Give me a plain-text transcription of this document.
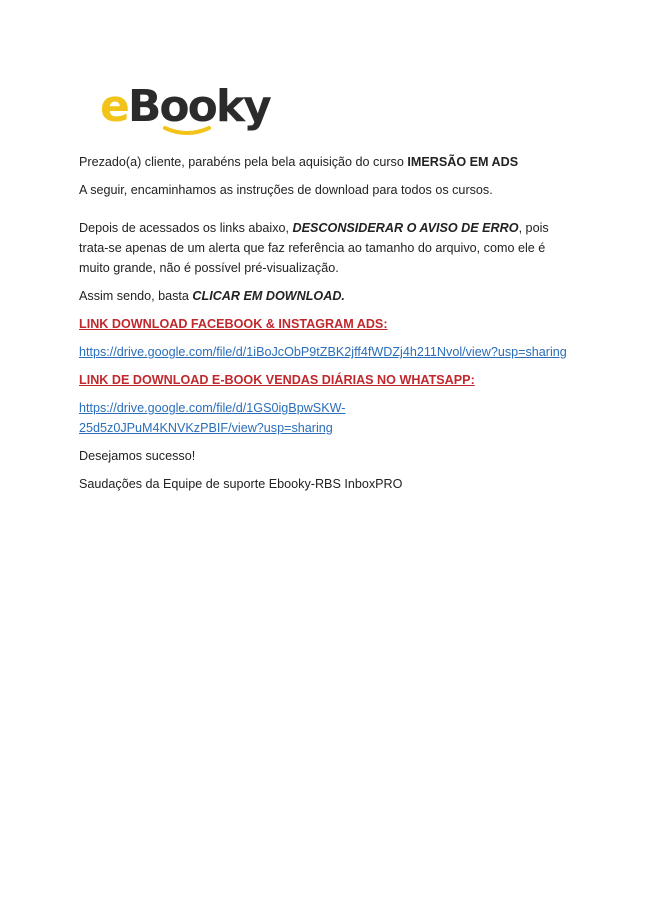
eBooky

Prezado(a) cliente, parabéns pela bela aquisição do curso IMERSÃO EM ADS

A seguir, encaminhamos as instruções de download para todos os cursos.

Depois de acessados os links abaixo, DESCONSIDERAR O AVISO DE ERRO, pois trata-se apenas de um alerta que faz referência ao tamanho do arquivo, como ele é muito grande, não é possível pré-visualização.

Assim sendo, basta CLICAR EM DOWNLOAD.

LINK DOWNLOAD FACEBOOK & INSTAGRAM ADS:

https://drive.google.com/file/d/1iBoJcObP9tZBK2jff4fWDZj4h211Nvol/view?usp=sharing

LINK DE DOWNLOAD E-BOOK VENDAS DIÁRIAS NO WHATSAPP:

https://drive.google.com/file/d/1GS0igBpwSKW-
25d5z0JPuM4KNVKzPBIF/view?usp=sharing

Desejamos sucesso!

Saudações da Equipe de suporte Ebooky-RBS InboxPRO
